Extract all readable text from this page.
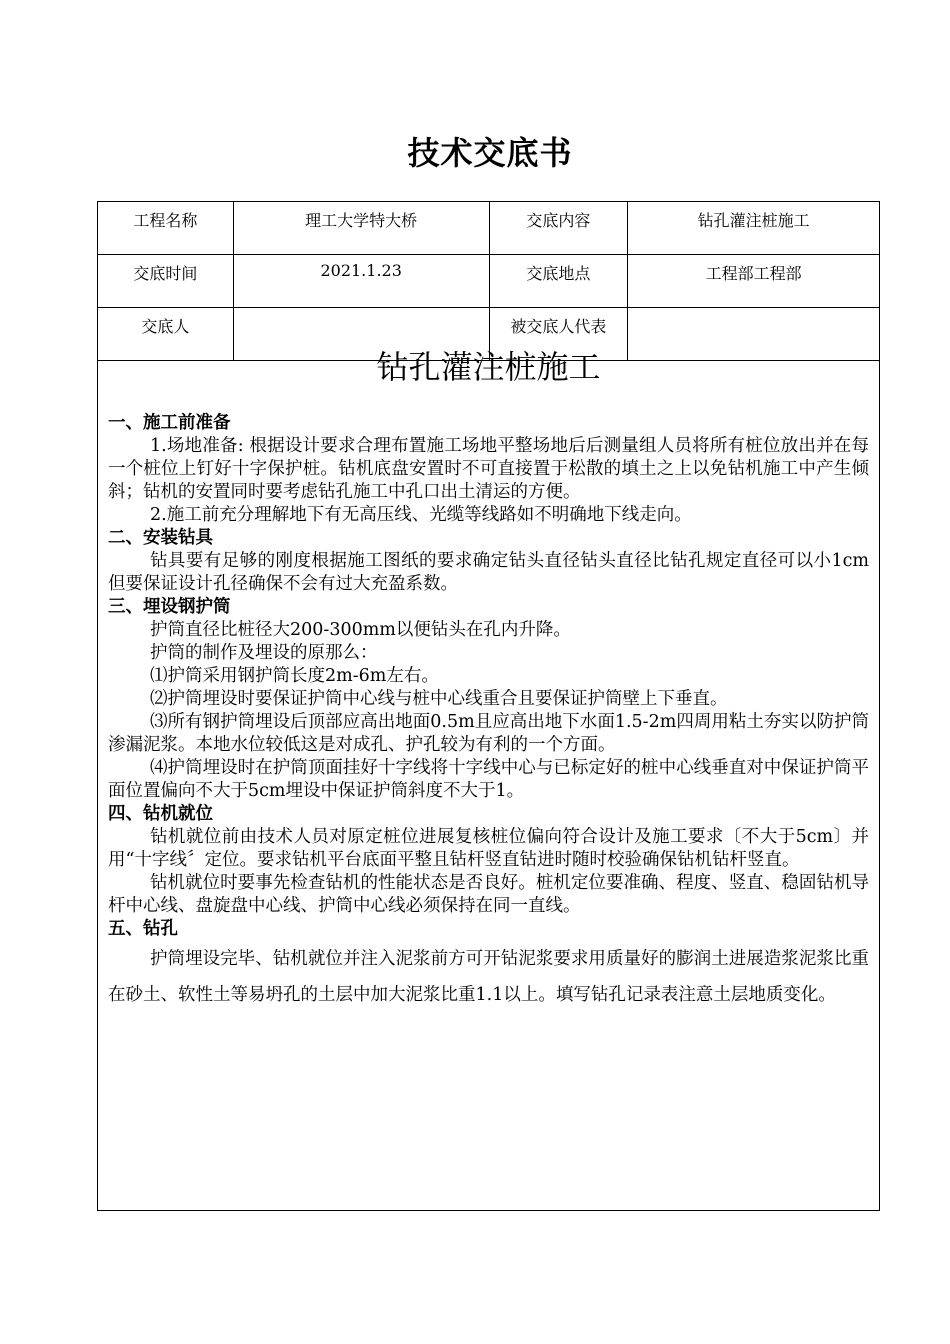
技术交底书
工程名称	理工大学特大桥	交底内容	钻孔灌注桩施工
交底时间	2021.1.23	交底地点	工程部工程部
交底人		被交底人代表	
钻孔灌注桩施工
一、施工前准备

1.场地准备: 根据设计要求合理布置施工场地平整场地后后测量组人员将所有桩位放出并在每一个桩位上钉好十字保护桩。钻机底盘安置时不可直接置于松散的填土之上以免钻机施工中产生倾斜；钻机的安置同时要考虑钻孔施工中孔口出土清运的方便。

2.施工前充分理解地下有无高压线、光缆等线路如不明确地下线走向。

二、安装钻具

钻具要有足够的刚度根据施工图纸的要求确定钻头直径钻头直径比钻孔规定直径可以小1cm但要保证设计孔径确保不会有过大充盈系数。

三、埋设钢护筒

护筒直径比桩径大200-300mm以便钻头在孔内升降。

护筒的制作及埋设的原那么：

⑴护筒采用钢护筒长度2m-6m左右。

⑵护筒埋设时要保证护筒中心线与桩中心线重合且要保证护筒壁上下垂直。

⑶所有钢护筒埋设后顶部应高出地面0.5m且应高出地下水面1.5-2m四周用粘土夯实以防护筒渗漏泥浆。本地水位较低这是对成孔、护孔较为有利的一个方面。

⑷护筒埋设时在护筒顶面挂好十字线将十字线中心与已标定好的桩中心线垂直对中保证护筒平面位置偏向不大于5cm埋设中保证护筒斜度不大于1。

四、钻机就位

钻机就位前由技术人员对原定桩位进展复核桩位偏向符合设计及施工要求〔不大于5cm〕并用“十字线〞定位。要求钻机平台底面平整且钻杆竖直钻进时随时校验确保钻机钻杆竖直。

钻机就位时要事先检查钻机的性能状态是否良好。桩机定位要准确、程度、竖直、稳固钻机导杆中心线、盘旋盘中心线、护筒中心线必须保持在同一直线。

五、钻孔

护筒埋设完毕、钻机就位并注入泥浆前方可开钻泥浆要求用质量好的膨润土进展造浆泥浆比重在砂土、软性土等易坍孔的土层中加大泥浆比重1.1以上。填写钻孔记录表注意土层地质变化。
